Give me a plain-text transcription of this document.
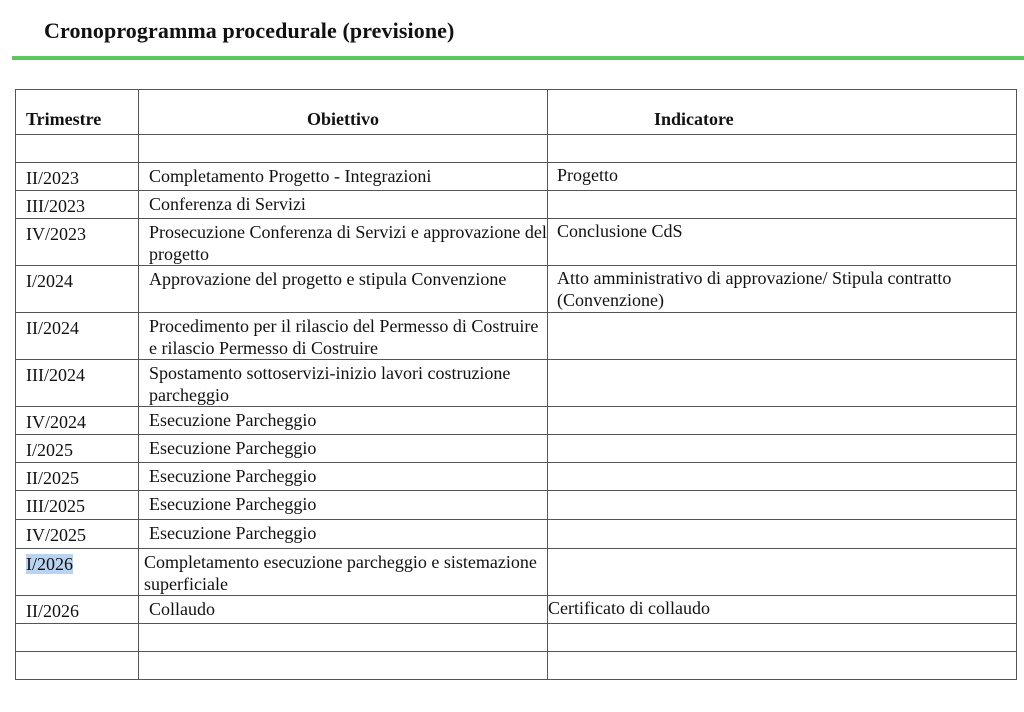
Cronoprogramma procedurale (previsione)
Trimestre	Obiettivo	Indicatore

II/2023	Completamento Progetto - Integrazioni	Progetto
III/2023	Conferenza di Servizi	
IV/2023	Prosecuzione Conferenza di Servizi e approvazione del progetto	Conclusione CdS
I/2024	Approvazione del progetto e stipula Convenzione	Atto amministrativo di approvazione/ Stipula contratto (Convenzione)
II/2024	Procedimento per il rilascio del Permesso di Costruire e rilascio Permesso di Costruire	
III/2024	Spostamento sottoservizi-inizio lavori costruzione parcheggio	
IV/2024	Esecuzione Parcheggio	
I/2025	Esecuzione Parcheggio	
II/2025	Esecuzione Parcheggio	
III/2025	Esecuzione Parcheggio	
IV/2025	Esecuzione Parcheggio	
I/2026	Completamento esecuzione parcheggio e sistemazione superficiale	
II/2026	Collaudo	Certificato di collaudo
